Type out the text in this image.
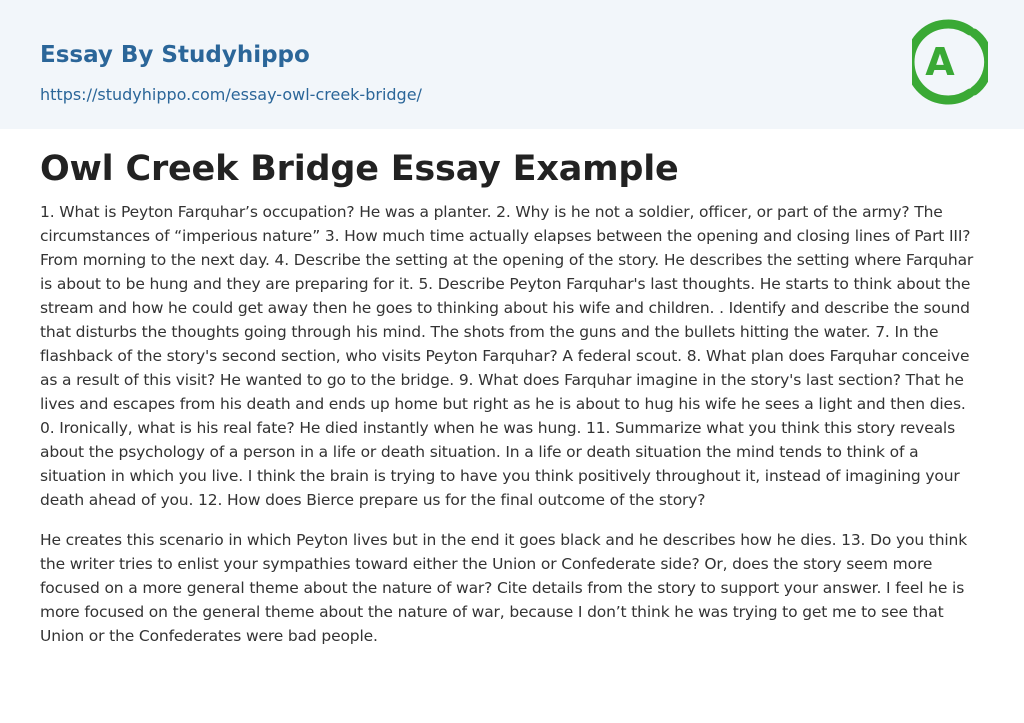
Essay By Studyhippo
https://studyhippo.com/essay-owl-creek-bridge/
A
Owl Creek Bridge Essay Example

1. What is Peyton Farquhar’s occupation? He was a planter. 2. Why is he not a soldier, officer, or part of the army? The circumstances of “imperious nature” 3. How much time actually elapses between the opening and closing lines of Part III? From morning to the next day. 4. Describe the setting at the opening of the story. He describes the setting where Farquhar is about to be hung and they are preparing for it. 5. Describe Peyton Farquhar's last thoughts. He starts to think about the stream and how he could get away then he goes to thinking about his wife and children. . Identify and describe the sound that disturbs the thoughts going through his mind. The shots from the guns and the bullets hitting the water. 7. In the flashback of the story's second section, who visits Peyton Farquhar? A federal scout. 8. What plan does Farquhar conceive as a result of this visit? He wanted to go to the bridge. 9. What does Farquhar imagine in the story's last section? That he lives and escapes from his death and ends up home but right as he is about to hug his wife he sees a light and then dies. 0. Ironically, what is his real fate? He died instantly when he was hung. 11. Summarize what you think this story reveals about the psychology of a person in a life or death situation. In a life or death situation the mind tends to think of a situation in which you live. I think the brain is trying to have you think positively throughout it, instead of imagining your death ahead of you. 12. How does Bierce prepare us for the final outcome of the story?

He creates this scenario in which Peyton lives but in the end it goes black and he describes how he dies. 13. Do you think the writer tries to enlist your sympathies toward either the Union or Confederate side? Or, does the story seem more focused on a more general theme about the nature of war? Cite details from the story to support your answer. I feel he is more focused on the general theme about the nature of war, because I don’t think he was trying to get me to see that Union or the Confederates were bad people.
